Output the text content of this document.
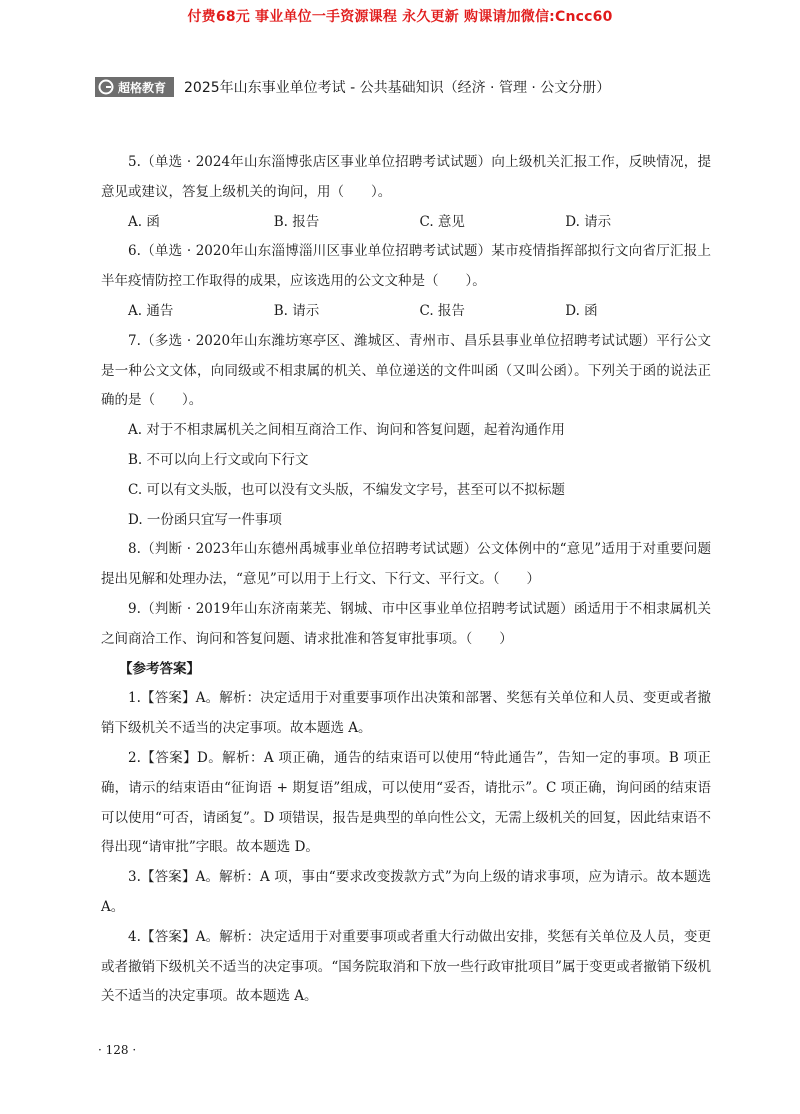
付费68元 事业单位一手资源课程 永久更新 购课请加微信:Cncc60
超格教育 2025年山东事业单位考试 - 公共基础知识（经济 · 管理 · 公文分册）

5.（单选 · 2024年山东淄博张店区事业单位招聘考试试题）向上级机关汇报工作，反映情况，提意见或建议，答复上级机关的询问，用（　　）。

A. 函	B. 报告	C. 意见	D. 请示

6.（单选 · 2020年山东淄博淄川区事业单位招聘考试试题）某市疫情指挥部拟行文向省厅汇报上半年疫情防控工作取得的成果，应该选用的公文文种是（　　）。

A. 通告	B. 请示	C. 报告	D. 函

7.（多选 · 2020年山东潍坊寒亭区、潍城区、青州市、昌乐县事业单位招聘考试试题）平行公文是一种公文文体，向同级或不相隶属的机关、单位递送的文件叫函（又叫公函）。下列关于函的说法正确的是（　　）。

A. 对于不相隶属机关之间相互商洽工作、询问和答复问题，起着沟通作用

B. 不可以向上行文或向下行文

C. 可以有文头版，也可以没有文头版，不编发文字号，甚至可以不拟标题

D. 一份函只宜写一件事项

8.（判断 · 2023年山东德州禹城事业单位招聘考试试题）公文体例中的“意见”适用于对重要问题提出见解和处理办法，“意见”可以用于上行文、下行文、平行文。（　　）

9.（判断 · 2019年山东济南莱芜、钢城、市中区事业单位招聘考试试题）函适用于不相隶属机关之间商洽工作、询问和答复问题、请求批准和答复审批事项。（　　）

【参考答案】

1.【答案】A。解析：决定适用于对重要事项作出决策和部署、奖惩有关单位和人员、变更或者撤销下级机关不适当的决定事项。故本题选 A。

2.【答案】D。解析：A 项正确，通告的结束语可以使用“特此通告”，告知一定的事项。B 项正确，请示的结束语由“征询语 + 期复语”组成，可以使用“妥否，请批示”。C 项正确，询问函的结束语可以使用“可否，请函复”。D 项错误，报告是典型的单向性公文，无需上级机关的回复，因此结束语不得出现“请审批”字眼。故本题选 D。

3.【答案】A。解析：A 项，事由“要求改变拨款方式”为向上级的请求事项，应为请示。故本题选 A。

4.【答案】A。解析：决定适用于对重要事项或者重大行动做出安排，奖惩有关单位及人员，变更或者撤销下级机关不适当的决定事项。“国务院取消和下放一些行政审批项目”属于变更或者撤销下级机关不适当的决定事项。故本题选 A。

· 128 ·
